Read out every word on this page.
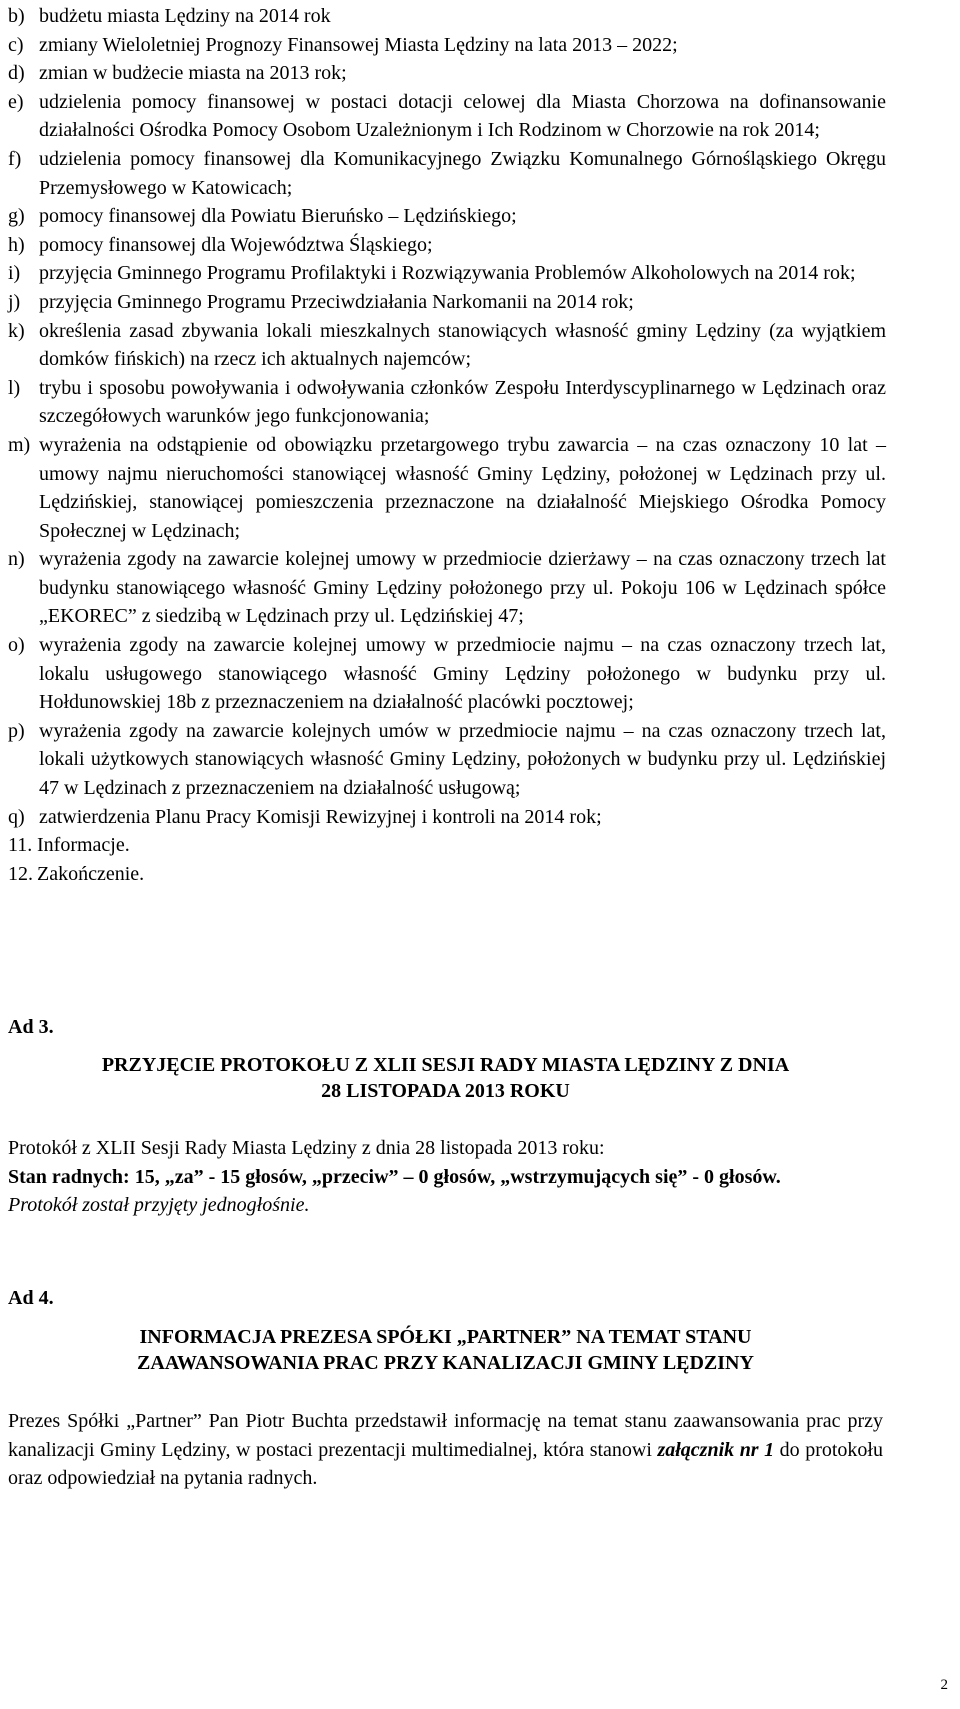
b) budżetu miasta Lędziny na 2014 rok

c) zmiany Wieloletniej Prognozy Finansowej Miasta Lędziny na lata 2013 – 2022;

d) zmian w budżecie miasta na 2013 rok;

e) udzielenia pomocy finansowej w postaci dotacji celowej dla Miasta Chorzowa na dofinansowanie działalności Ośrodka Pomocy Osobom Uzależnionym i Ich Rodzinom w Chorzowie na rok 2014;

f) udzielenia pomocy finansowej dla Komunikacyjnego Związku Komunalnego Górnośląskiego Okręgu Przemysłowego w Katowicach;

g) pomocy finansowej dla Powiatu Bieruńsko – Lędzińskiego;

h) pomocy finansowej dla Województwa Śląskiego;

i) przyjęcia Gminnego Programu Profilaktyki i Rozwiązywania Problemów Alkoholowych na 2014 rok;

j) przyjęcia Gminnego Programu Przeciwdziałania Narkomanii na 2014 rok;

k) określenia zasad zbywania lokali mieszkalnych stanowiących własność gminy Lędziny (za wyjątkiem domków fińskich) na rzecz ich aktualnych najemców;

l) trybu i sposobu powoływania i odwoływania członków Zespołu Interdyscyplinarnego w Lędzinach oraz szczegółowych warunków jego funkcjonowania;

m) wyrażenia na odstąpienie od obowiązku przetargowego trybu zawarcia – na czas oznaczony 10 lat – umowy najmu nieruchomości stanowiącej własność Gminy Lędziny, położonej w Lędzinach przy ul. Lędzińskiej, stanowiącej pomieszczenia przeznaczone na działalność Miejskiego Ośrodka Pomocy Społecznej w Lędzinach;

n) wyrażenia zgody na zawarcie kolejnej umowy w przedmiocie dzierżawy – na czas oznaczony trzech lat budynku stanowiącego własność Gminy Lędziny położonego przy ul. Pokoju 106 w Lędzinach spółce „EKOREC” z siedzibą w Lędzinach przy ul. Lędzińskiej 47;

o) wyrażenia zgody na zawarcie kolejnej umowy w przedmiocie najmu – na czas oznaczony trzech lat, lokalu usługowego stanowiącego własność Gminy Lędziny położonego w budynku przy ul. Hołdunowskiej 18b z przeznaczeniem na działalność placówki pocztowej;

p) wyrażenia zgody na zawarcie kolejnych umów w przedmiocie najmu – na czas oznaczony trzech lat, lokali użytkowych stanowiących własność Gminy Lędziny, położonych w budynku przy ul. Lędzińskiej 47 w Lędzinach z przeznaczeniem na działalność usługową;

q) zatwierdzenia Planu Pracy Komisji Rewizyjnej i kontroli na 2014 rok;

11. Informacje.

12. Zakończenie.

Ad 3.
PRZYJĘCIE PROTOKOŁU Z XLII SESJI RADY MIASTA LĘDZINY Z DNIA
28 LISTOPADA 2013 ROKU
Protokół z XLII Sesji Rady Miasta Lędziny z dnia 28 listopada 2013 roku:
Stan radnych: 15, „za” - 15 głosów, „przeciw” – 0 głosów, „wstrzymujących się” - 0 głosów.
Protokół został przyjęty jednogłośnie.
Ad 4.
INFORMACJA PREZESA SPÓŁKI „PARTNER” NA TEMAT STANU
ZAAWANSOWANIA PRAC PRZY KANALIZACJI GMINY LĘDZINY
Prezes Spółki „Partner” Pan Piotr Buchta przedstawił informację na temat stanu zaawansowania prac przy kanalizacji Gminy Lędziny, w postaci prezentacji multimedialnej, która stanowi załącznik nr 1 do protokołu oraz odpowiedział na pytania radnych.
2
